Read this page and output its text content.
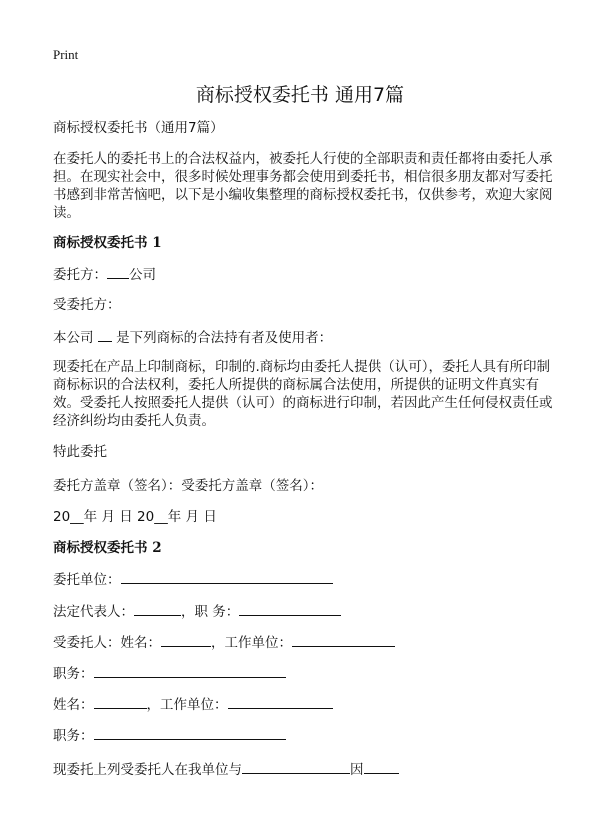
Print
商标授权委托书 通用7篇
商标授权委托书（通用7篇）
在委托人的委托书上的合法权益内，被委托人行使的全部职责和责任都将由委托人承担。在现实社会中，很多时候处理事务都会使用到委托书，相信很多朋友都对写委托书感到非常苦恼吧，以下是小编收集整理的商标授权委托书，仅供参考，欢迎大家阅读。
商标授权委托书 1
委托方： 公司
受委托方：
本公司 是下列商标的合法持有者及使用者：
现委托在产品上印制商标，印制的.商标均由委托人提供（认可），委托人具有所印制商标标识的合法权利，委托人所提供的商标属合法使用，所提供的证明文件真实有效。受委托人按照委托人提供（认可）的商标进行印制，若因此产生任何侵权责任或经济纠纷均由委托人负责。
特此委托
委托方盖章（签名）：受委托方盖章（签名）：
20__年 月 日 20__年 月 日
商标授权委托书 2
委托单位：
法定代表人：	，职 务：
受委托人：姓名：	，工作单位：
职务：
姓名：	，工作单位：
职务：
现委托上列受委托人在我单位与	因
